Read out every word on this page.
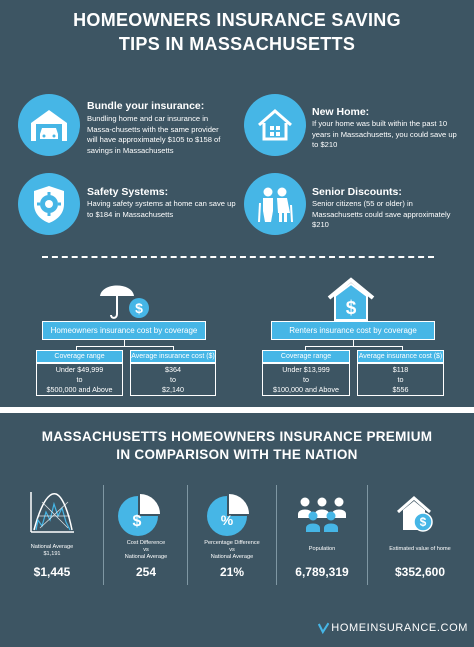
HOMEOWNERS INSURANCE SAVING
TIPS IN MASSACHUSETTS
Bundle your insurance:
Bundling home and car insurance in Massa-chusetts with the same provider will have approximately $105 to $158 of savings in Massachusetts
New Home:
If your home was built within the past 10 years in Massachusetts, you could save up to $210
Safety Systems:
Having safety systems at home can save up to $184 in Massachusetts
Senior Discounts:
Senior citizens (55 or older) in Massachusetts could save approximately $210
$
Homeowners insurance cost by coverage
Coverage range	Average insurance cost ($)
Under $49,999
to
$500,000 and Above
$364
to
$2,140
$
Renters insurance cost by coverage
Coverage range	Average insurance cost ($)
Under $13,999
to
$100,000 and Above
$118
to
$556
MASSACHUSETTS HOMEOWNERS INSURANCE PREMIUM
IN COMPARISON WITH THE NATION
National Average
$1,191
$1,445
$
Cost Difference
vs
National Average
254
%
Percentage Difference
vs
National Average
21%
Population
6,789,319
$
Estimated value of home
$352,600
HOMEINSURANCE.COM
